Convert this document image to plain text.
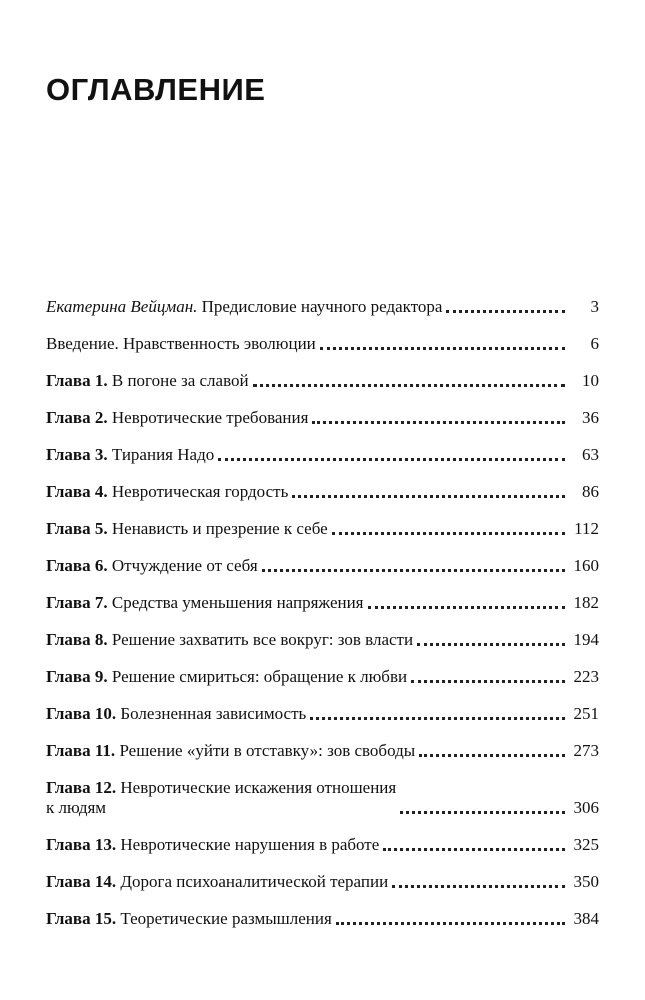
ОГЛАВЛЕНИЕ
Екатерина Вейцман. Предисловие научного редактора	3
Введение. Нравственность эволюции	6
Глава 1. В погоне за славой	10
Глава 2. Невротические требования	36
Глава 3. Тирания Надо	63
Глава 4. Невротическая гордость	86
Глава 5. Ненависть и презрение к себе	112
Глава 6. Отчуждение от себя	160
Глава 7. Средства уменьшения напряжения	182
Глава 8. Решение захватить все вокруг: зов власти	194
Глава 9. Решение смириться: обращение к любви	223
Глава 10. Болезненная зависимость	251
Глава 11. Решение «уйти в отставку»: зов свободы	273
Глава 12. Невротические искажения отношения
к людям	306
Глава 13. Невротические нарушения в работе	325
Глава 14. Дорога психоаналитической терапии	350
Глава 15. Теоретические размышления	384
